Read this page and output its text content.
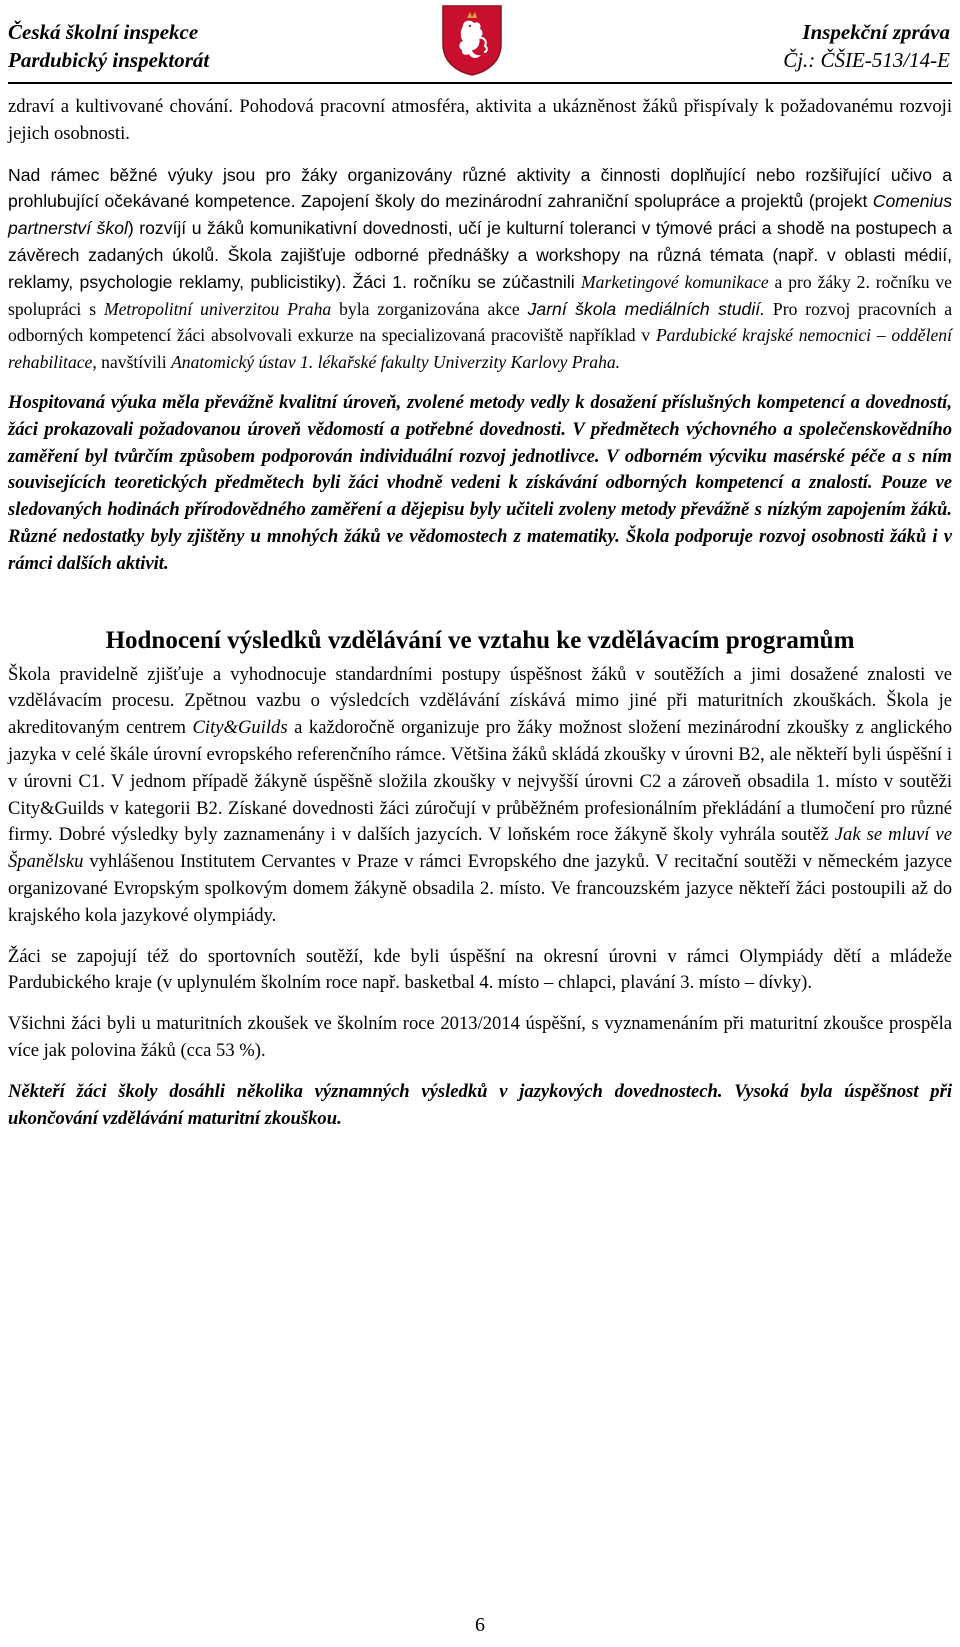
Česká školní inspekce
Pardubický inspektorát
Inspekční zpráva
Čj.: ČŠIE-513/14-E

zdraví a kultivované chování. Pohodová pracovní atmosféra, aktivita a ukázněnost žáků přispívaly k požadovanému rozvoji jejich osobnosti.

Nad rámec běžné výuky jsou pro žáky organizovány různé aktivity a činnosti doplňující nebo rozšiřující učivo a prohlubující očekávané kompetence. Zapojení školy do mezinárodní zahraniční spolupráce a projektů (projekt Comenius partnerství škol) rozvíjí u žáků komunikativní dovednosti, učí je kulturní toleranci v týmové práci a shodě na postupech a závěrech zadaných úkolů. Škola zajišťuje odborné přednášky a workshopy na různá témata (např. v oblasti médií, reklamy, psychologie reklamy, publicistiky). Žáci 1. ročníku se zúčastnili Marketingové komunikace a pro žáky 2. ročníku ve spolupráci s Metropolitní univerzitou Praha byla zorganizována akce Jarní škola mediálních studií. Pro rozvoj pracovních a odborných kompetencí žáci absolvovali exkurze na specializovaná pracoviště například v Pardubické krajské nemocnici – oddělení rehabilitace, navštívili Anatomický ústav 1. lékařské fakulty Univerzity Karlovy Praha.

Hospitovaná výuka měla převážně kvalitní úroveň, zvolené metody vedly k dosažení příslušných kompetencí a dovedností, žáci prokazovali požadovanou úroveň vědomostí a potřebné dovednosti. V předmětech výchovného a společenskovědního zaměření byl tvůrčím způsobem podporován individuální rozvoj jednotlivce. V odborném výcviku masérské péče a s ním souvisejících teoretických předmětech byli žáci vhodně vedeni k získávání odborných kompetencí a znalostí. Pouze ve sledovaných hodinách přírodovědného zaměření a dějepisu byly učiteli zvoleny metody převážně s nízkým zapojením žáků. Různé nedostatky byly zjištěny u mnohých žáků ve vědomostech z matematiky. Škola podporuje rozvoj osobnosti žáků i v rámci dalších aktivit.

Hodnocení výsledků vzdělávání ve vztahu ke vzdělávacím programům

Škola pravidelně zjišťuje a vyhodnocuje standardními postupy úspěšnost žáků v soutěžích a jimi dosažené znalosti ve vzdělávacím procesu. Zpětnou vazbu o výsledcích vzdělávání získává mimo jiné při maturitních zkouškách. Škola je akreditovaným centrem City&Guilds a každoročně organizuje pro žáky možnost složení mezinárodní zkoušky z anglického jazyka v celé škále úrovní evropského referenčního rámce. Většina žáků skládá zkoušky v úrovni B2, ale někteří byli úspěšní i v úrovni C1. V jednom případě žákyně úspěšně složila zkoušky v nejvyšší úrovni C2 a zároveň obsadila 1. místo v soutěži City&Guilds v kategorii B2. Získané dovednosti žáci zúročují v průběžném profesionálním překládání a tlumočení pro různé firmy. Dobré výsledky byly zaznamenány i v dalších jazycích. V loňském roce žákyně školy vyhrála soutěž Jak se mluví ve Španělsku vyhlášenou Institutem Cervantes v Praze v rámci Evropského dne jazyků. V recitační soutěži v německém jazyce organizované Evropským spolkovým domem žákyně obsadila 2. místo. Ve francouzském jazyce někteří žáci postoupili až do krajského kola jazykové olympiády.

Žáci se zapojují též do sportovních soutěží, kde byli úspěšní na okresní úrovni v rámci Olympiády dětí a mládeže Pardubického kraje (v uplynulém školním roce např. basketbal 4. místo – chlapci, plavání 3. místo – dívky).

Všichni žáci byli u maturitních zkoušek ve školním roce 2013/2014 úspěšní, s vyznamenáním při maturitní zkoušce prospěla více jak polovina žáků (cca 53 %).

Někteří žáci školy dosáhli několika významných výsledků v jazykových dovednostech. Vysoká byla úspěšnost při ukončování vzdělávání maturitní zkouškou.

6
